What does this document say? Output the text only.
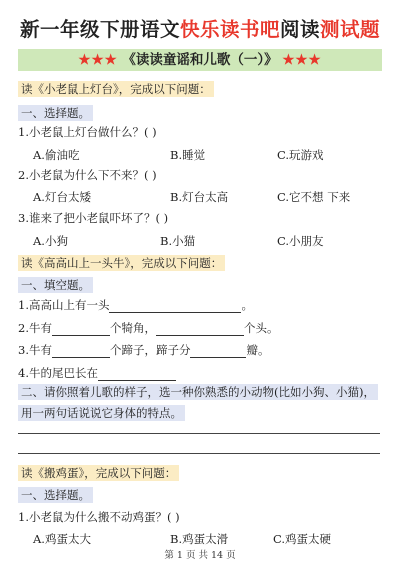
新一年级下册语文快乐读书吧阅读测试题
★★★ 《读读童谣和儿歌（一）》 ★★★
读《小老鼠上灯台》，完成以下问题：
一、选择题。
1.小老鼠上灯台做什么？( )
A.偷油吃	B.睡觉	C.玩游戏
2.小老鼠为什么下不来？( )
A.灯台太矮	B.灯台太高	C.它不想 下来
3.谁来了把小老鼠吓坏了？( )
A.小狗	B.小猫	C.小朋友
读《高高山上一头牛》，完成以下问题：
一、填空题。
1.高高山上有一头	。
2.牛有	个犄角，	个头。
3.牛有	个蹄子，蹄子分	瓣。
4.牛的尾巴长在
二、请你照着儿歌的样子，选一种你熟悉的小动物(比如小狗、小猫)，
用一两句话说说它身体的特点。
读《搬鸡蛋》，完成以下问题：
一、选择题。
1.小老鼠为什么搬不动鸡蛋？( )
A.鸡蛋太大	B.鸡蛋太滑	C.鸡蛋太硬
第 1 页 共 14 页
